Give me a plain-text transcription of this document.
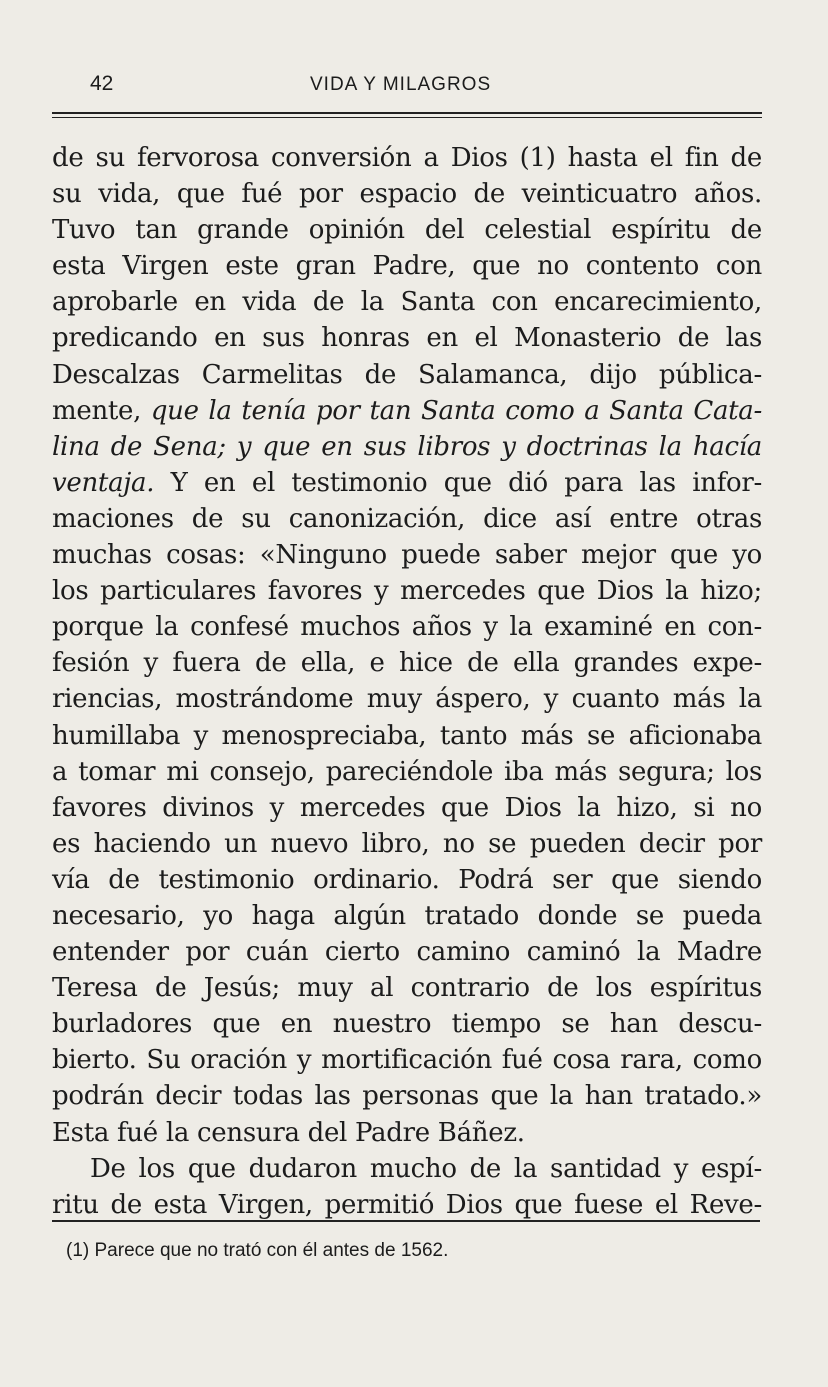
42	VIDA Y MILAGROS
de su fervorosa conversión a Dios (1) hasta el fin de
su vida, que fué por espacio de veinticuatro años.
Tuvo tan grande opinión del celestial espíritu de
esta Virgen este gran Padre, que no contento con
aprobarle en vida de la Santa con encarecimiento,
predicando en sus honras en el Monasterio de las
Descalzas Carmelitas de Salamanca, dijo pública-
mente, que la tenía por tan Santa como a Santa Cata-
lina de Sena; y que en sus libros y doctrinas la hacía
ventaja. Y en el testimonio que dió para las infor-
maciones de su canonización, dice así entre otras
muchas cosas: «Ninguno puede saber mejor que yo
los particulares favores y mercedes que Dios la hizo;
porque la confesé muchos años y la examiné en con-
fesión y fuera de ella, e hice de ella grandes expe-
riencias, mostrándome muy áspero, y cuanto más la
humillaba y menospreciaba, tanto más se aficionaba
a tomar mi consejo, pareciéndole iba más segura; los
favores divinos y mercedes que Dios la hizo, si no
es haciendo un nuevo libro, no se pueden decir por
vía de testimonio ordinario. Podrá ser que siendo
necesario, yo haga algún tratado donde se pueda
entender por cuán cierto camino caminó la Madre
Teresa de Jesús; muy al contrario de los espíritus
burladores que en nuestro tiempo se han descu-
bierto. Su oración y mortificación fué cosa rara, como
podrán decir todas las personas que la han tratado.»
Esta fué la censura del Padre Báñez.
De los que dudaron mucho de la santidad y espí-
ritu de esta Virgen, permitió Dios que fuese el Reve-
(1) Parece que no trató con él antes de 1562.
